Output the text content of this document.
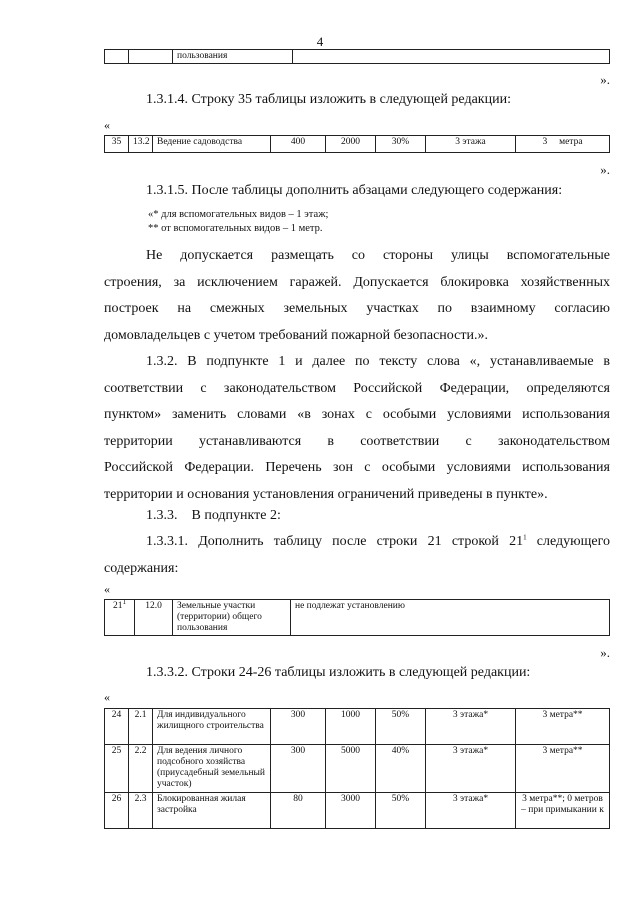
4
		пользования	
».
1.3.1.4. Строку 35 таблицы изложить в следующей редакции:
«
35	13.2	Ведение садоводства	400	2000	30%	3 этажа	3     метра
».
1.3.1.5. После таблицы дополнить абзацами следующего содержания:
«* для вспомогательных видов – 1 этаж;
** от вспомогательных видов – 1 метр.
Не допускается размещать со стороны улицы вспомогательные
строения, за исключением гаражей. Допускается блокировка хозяйственных
построек на смежных земельных участках по взаимному согласию
домовладельцев с учетом требований пожарной безопасности.».
1.3.2. В подпункте 1 и далее по тексту слова «, устанавливаемые в
соответствии с законодательством Российской Федерации, определяются
пунктом» заменить словами «в зонах с особыми условиями использования
территории устанавливаются в соответствии с законодательством
Российской Федерации. Перечень зон с особыми условиями использования
территории и основания установления ограничений приведены в пункте».
1.3.3.    В подпункте 2:
1.3.3.1. Дополнить таблицу после строки 21 строкой $21^1$ следующего
содержания:
«
$21^1$	12.0	Земельные участки (территории) общего пользования	не подлежат установлению
».
1.3.3.2. Строки 24-26 таблицы изложить в следующей редакции:
«
24	2.1	Для индивидуального жилищного строительства	300	1000	50%	3 этажа*	3 метра**
25	2.2	Для ведения личного подсобного хозяйства (приусадебный земельный участок)	300	5000	40%	3 этажа*	3 метра**
26	2.3	Блокированная жилая застройка	80	3000	50%	3 этажа*	3 метра**; 0 метров – при примыкании к
